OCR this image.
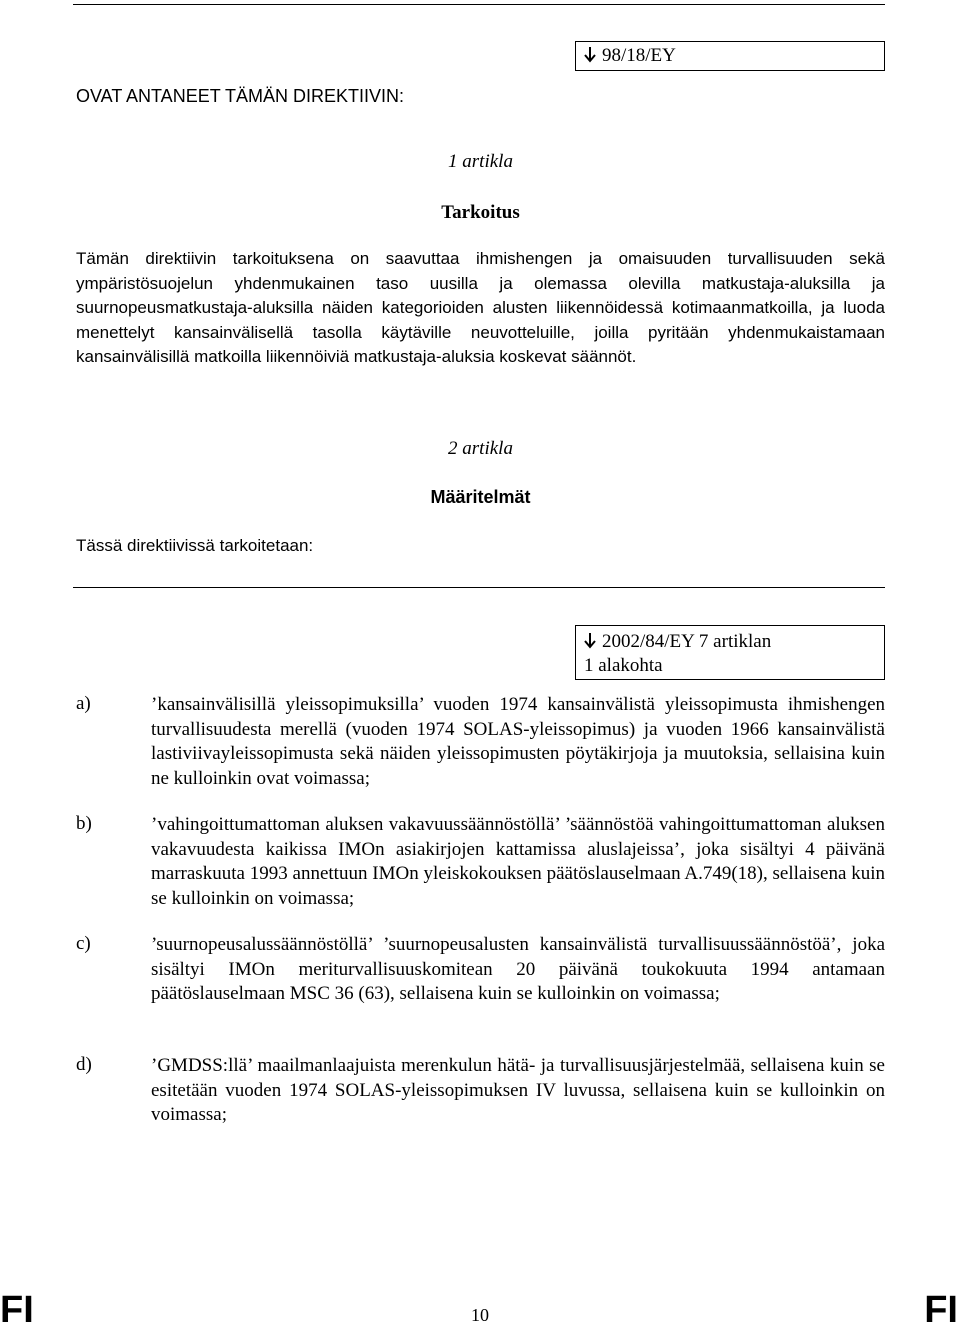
98/18/EY
OVAT ANTANEET TÄMÄN DIREKTIIVIN:
1 artikla
Tarkoitus
Tämän direktiivin tarkoituksena on saavuttaa ihmishengen ja omaisuuden turvallisuuden sekä ympäristösuojelun yhdenmukainen taso uusilla ja olemassa olevilla matkustaja-aluksilla ja suurnopeusmatkustaja-aluksilla näiden kategorioiden alusten liikennöidessä kotimaanmatkoilla, ja luoda menettelyt kansainvälisellä tasolla käytäville neuvotteluille, joilla pyritään yhdenmukaistamaan kansainvälisillä matkoilla liikennöiviä matkustaja-aluksia koskevat säännöt.
2 artikla
Määritelmät
Tässä direktiivissä tarkoitetaan:
2002/84/EY 7 artiklan
1 alakohta
a)	’kansainvälisillä yleissopimuksilla’ vuoden 1974 kansainvälistä yleissopimusta ihmishengen turvallisuudesta merellä (vuoden 1974 SOLAS-yleissopimus) ja vuoden 1966 kansainvälistä lastiviivayleissopimusta sekä näiden yleissopimusten pöytäkirjoja ja muutoksia, sellaisina kuin ne kulloinkin ovat voimassa;
b)	’vahingoittumattoman aluksen vakavuussäännöstöllä’ ’säännöstöä vahingoittumattoman aluksen vakavuudesta kaikissa IMOn asiakirjojen kattamissa aluslajeissa’, joka sisältyi 4 päivänä marraskuuta 1993 annettuun IMOn yleiskokouksen päätöslauselmaan A.749(18), sellaisena kuin se kulloinkin on voimassa;
c)	’suurnopeusalussäännöstöllä’ ’suurnopeusalusten kansainvälistä turvallisuussäännöstöä’, joka sisältyi IMOn meriturvallisuuskomitean 20 päivänä toukokuuta 1994 antamaan päätöslauselmaan MSC 36 (63), sellaisena kuin se kulloinkin on voimassa;
d)	’GMDSS:llä’ maailmanlaajuista merenkulun hätä- ja turvallisuusjärjestelmää, sellaisena kuin se esitetään vuoden 1974 SOLAS-yleissopimuksen IV luvussa, sellaisena kuin se kulloinkin on voimassa;
FI	10	FI
